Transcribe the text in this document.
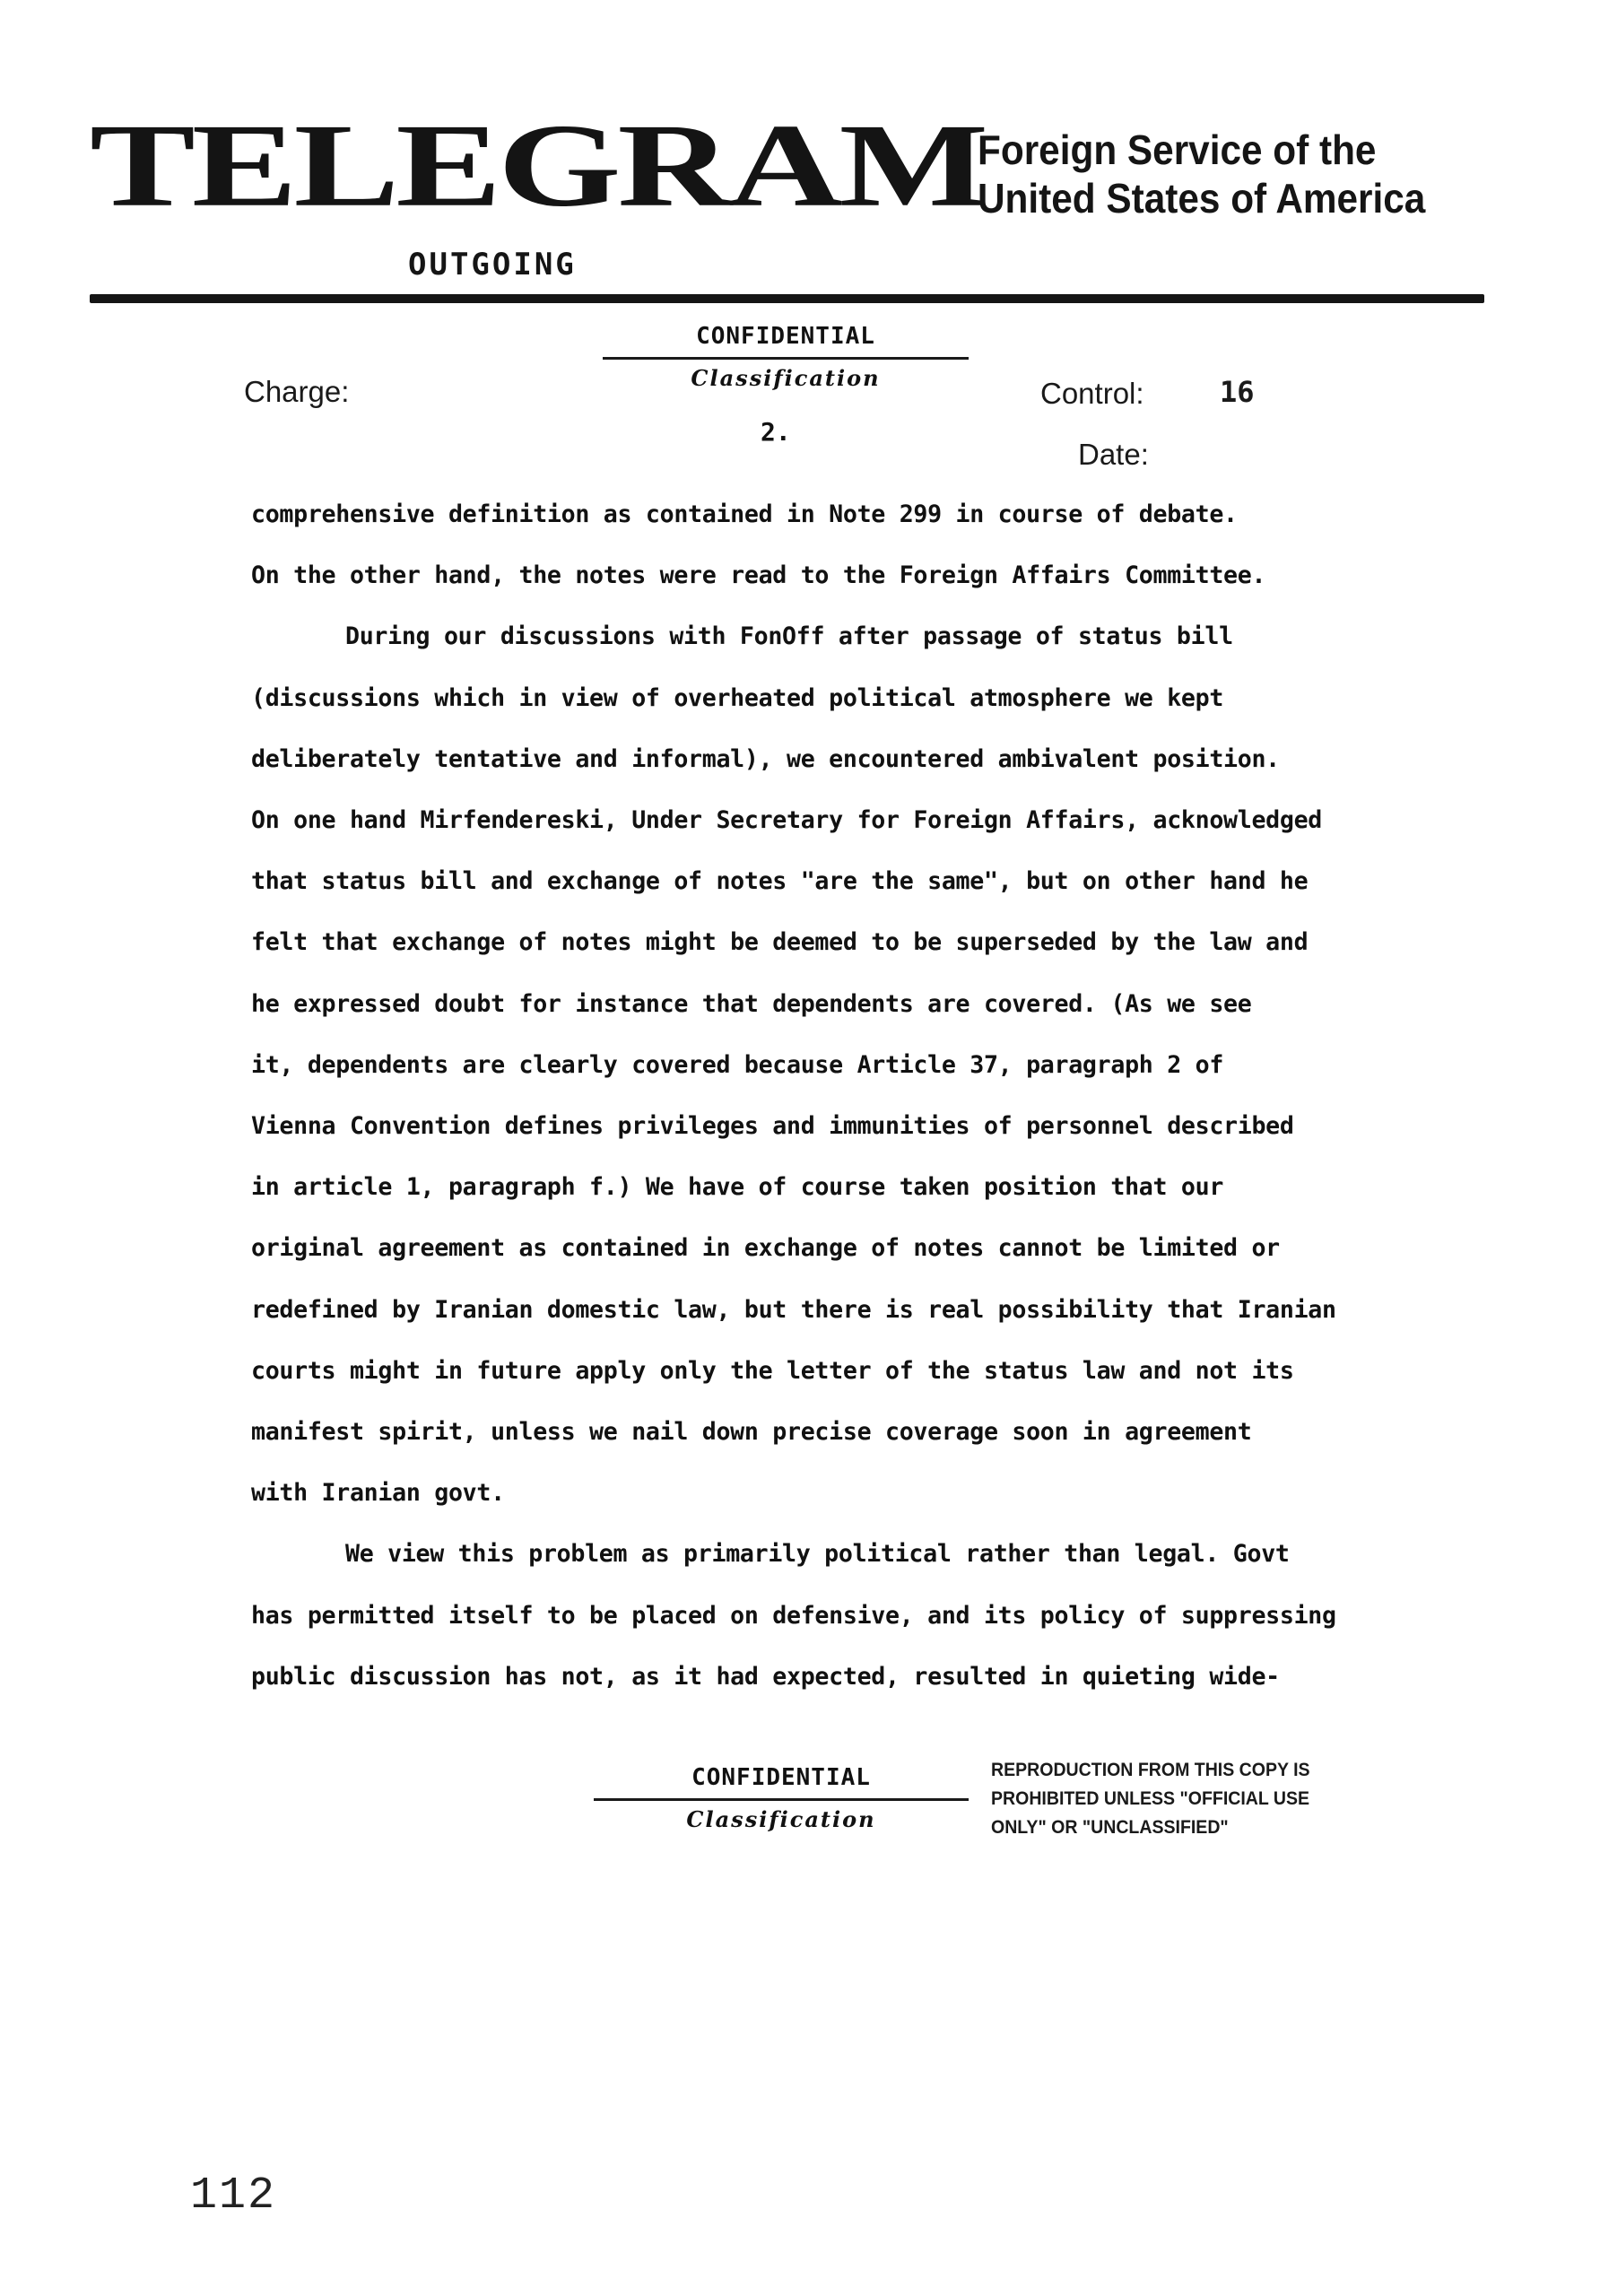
TELEGRAM
Foreign Service of the
United States of America
OUTGOING
Charge:
CONFIDENTIAL
Classification	Control:	16
2.
Date:
comprehensive definition as contained in Note 299 in course of debate.
On the other hand, the notes were read to the Foreign Affairs Committee.
During our discussions with FonOff after passage of status bill
(discussions which in view of overheated political atmosphere we kept
deliberately tentative and informal), we encountered ambivalent position.
On one hand Mirfendereski, Under Secretary for Foreign Affairs, acknowledged
that status bill and exchange of notes "are the same", but on other hand he
felt that exchange of notes might be deemed to be superseded by the law and
he expressed doubt for instance that dependents are covered. (As we see
it, dependents are clearly covered because Article 37, paragraph 2 of
Vienna Convention defines privileges and immunities of personnel described
in article 1, paragraph f.) We have of course taken position that our
original agreement as contained in exchange of notes cannot be limited or
redefined by Iranian domestic law, but there is real possibility that Iranian
courts might in future apply only the letter of the status law and not its
manifest spirit, unless we nail down precise coverage soon in agreement
with Iranian govt.
We view this problem as primarily political rather than legal. Govt
has permitted itself to be placed on defensive, and its policy of suppressing
public discussion has not, as it had expected, resulted in quieting wide-
CONFIDENTIAL
Classification
REPRODUCTION FROM THIS COPY IS
PROHIBITED UNLESS "OFFICIAL USE
ONLY" OR "UNCLASSIFIED"
112
